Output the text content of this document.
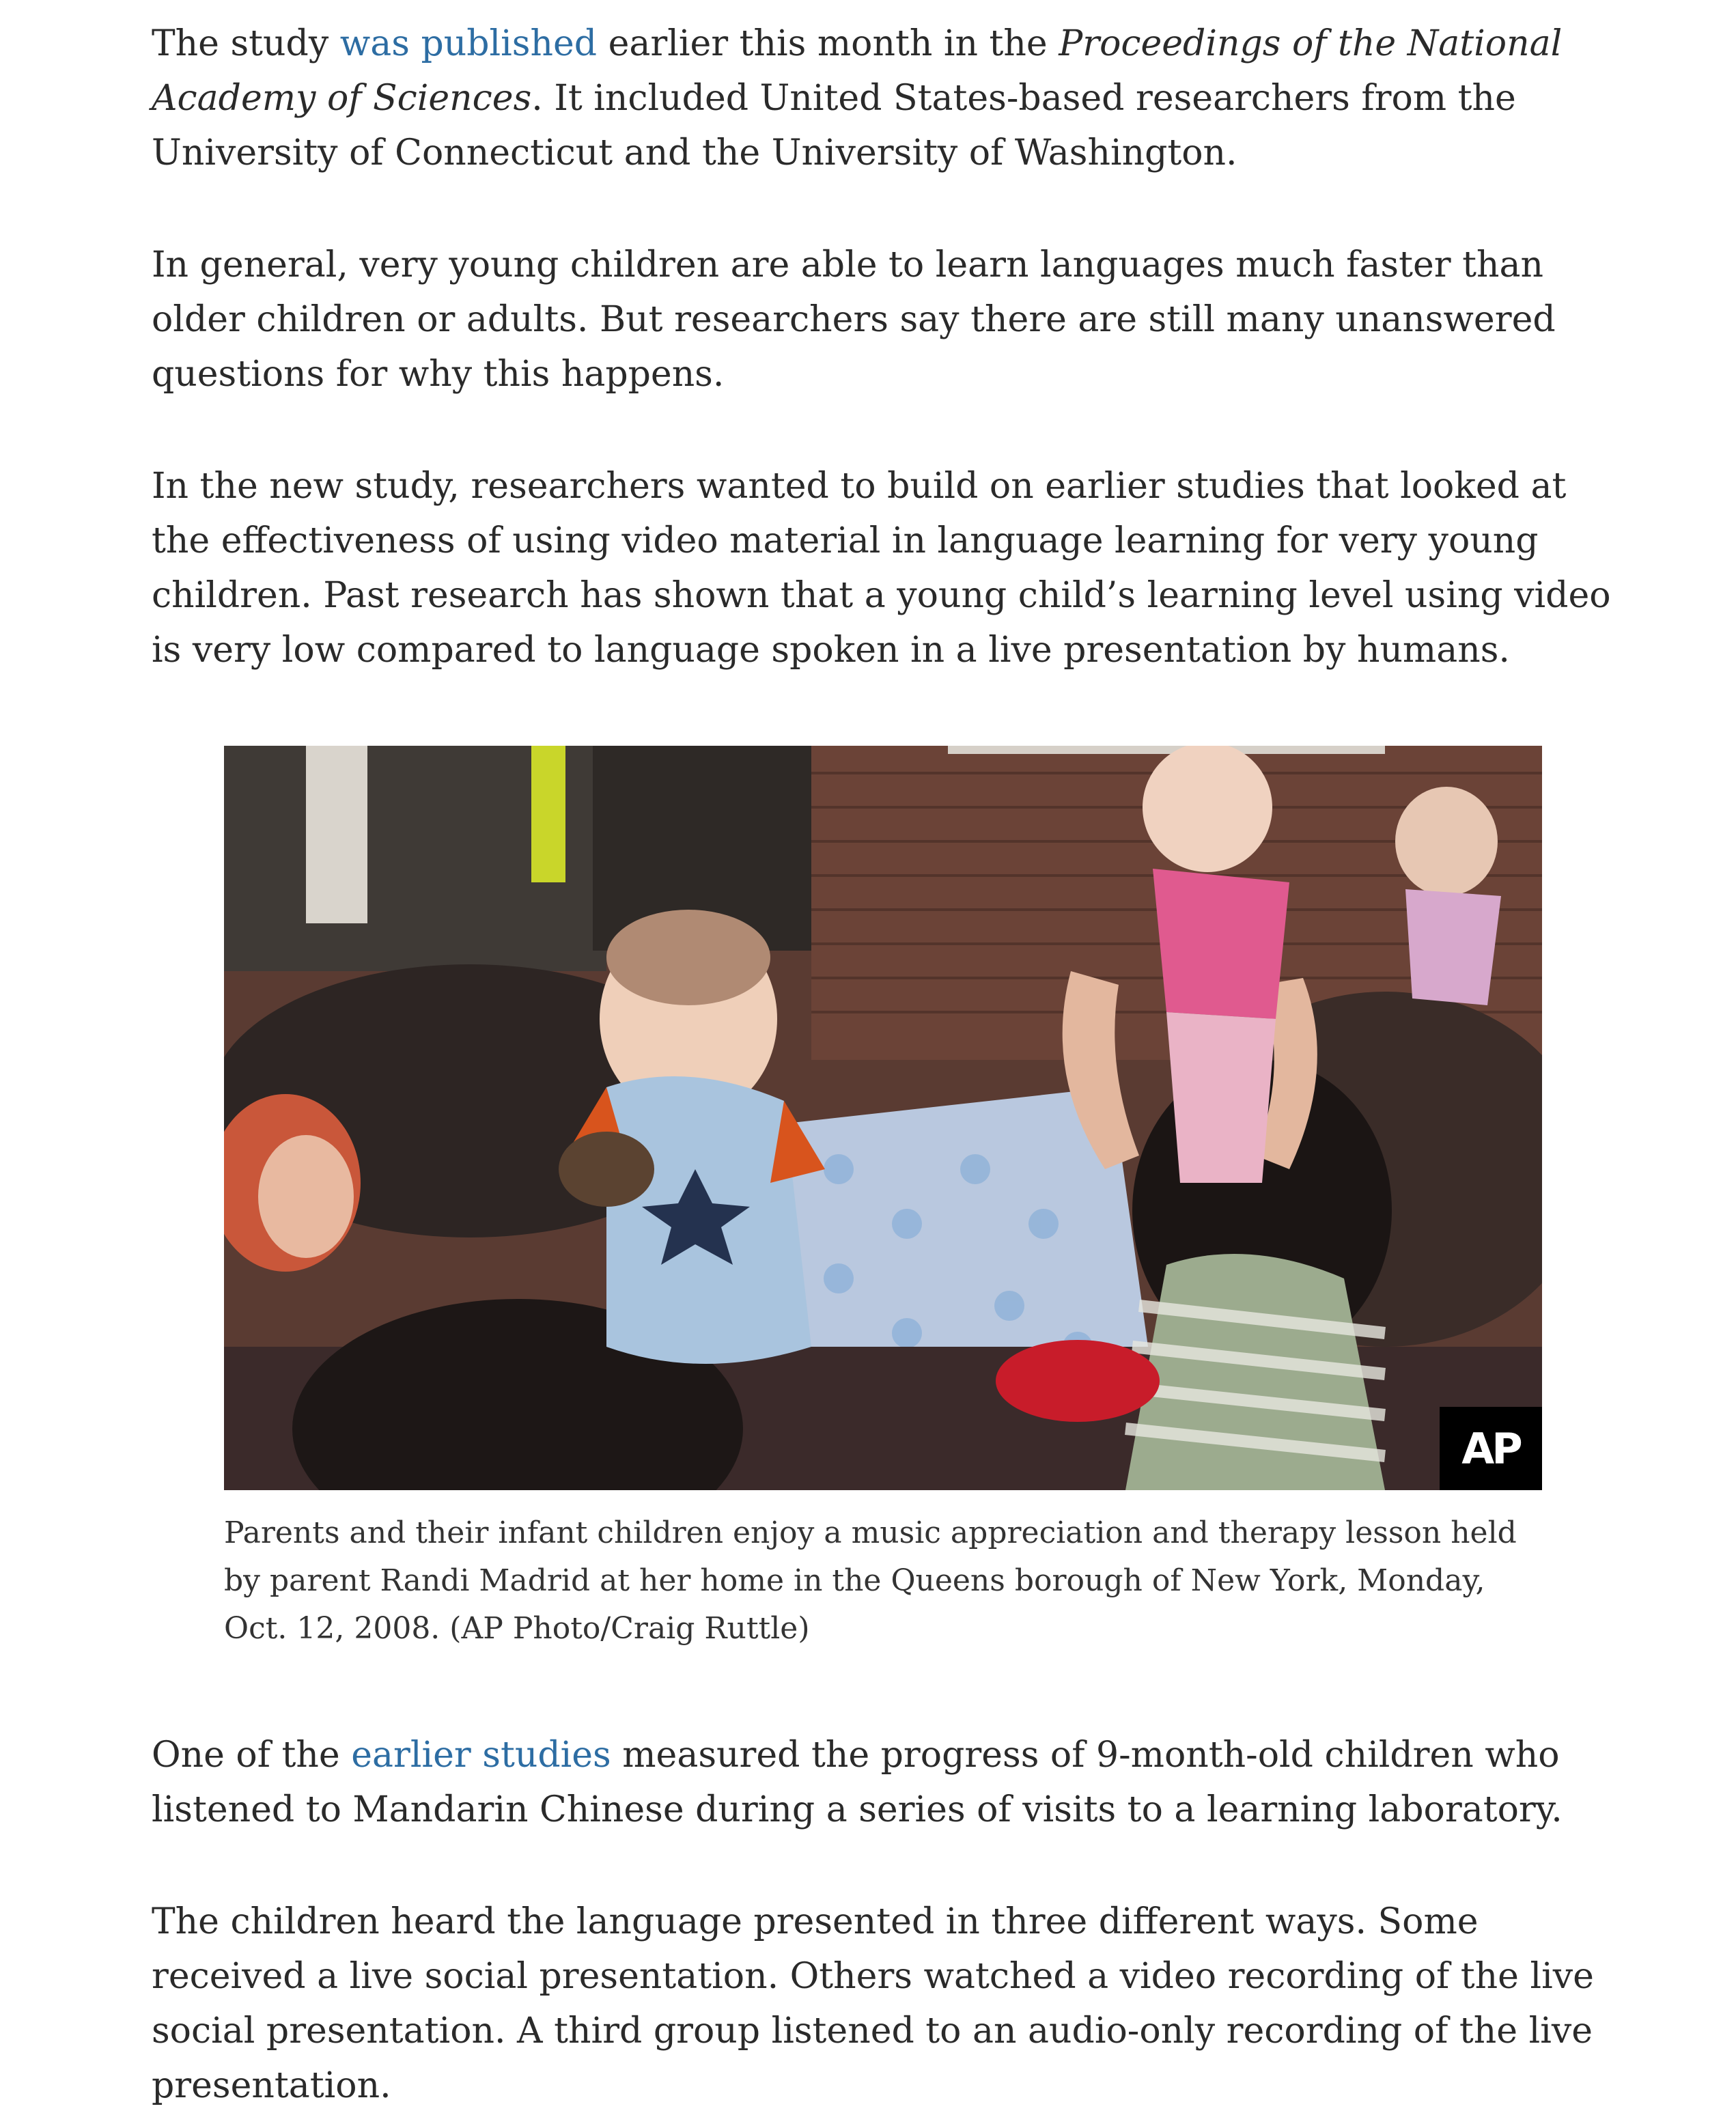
The study was published earlier this month in the Proceedings of the National Academy of Sciences. It included United States-based researchers from the University of Connecticut and the University of Washington.

In general, very young children are able to learn languages much faster than older children or adults. But researchers say there are still many unanswered questions for why this happens.

In the new study, researchers wanted to build on earlier studies that looked at the effectiveness of using video material in language learning for very young children. Past research has shown that a young child’s learning level using video is very low compared to language spoken in a live presentation by humans.

AP

Parents and their infant children enjoy a music appreciation and therapy lesson held by parent Randi Madrid at her home in the Queens borough of New York, Monday, Oct. 12, 2008. (AP Photo/Craig Ruttle)

One of the earlier studies measured the progress of 9-month-old children who listened to Mandarin Chinese during a series of visits to a learning laboratory.

The children heard the language presented in three different ways. Some received a live social presentation. Others watched a video recording of the live social presentation. A third group listened to an audio-only recording of the live presentation.
